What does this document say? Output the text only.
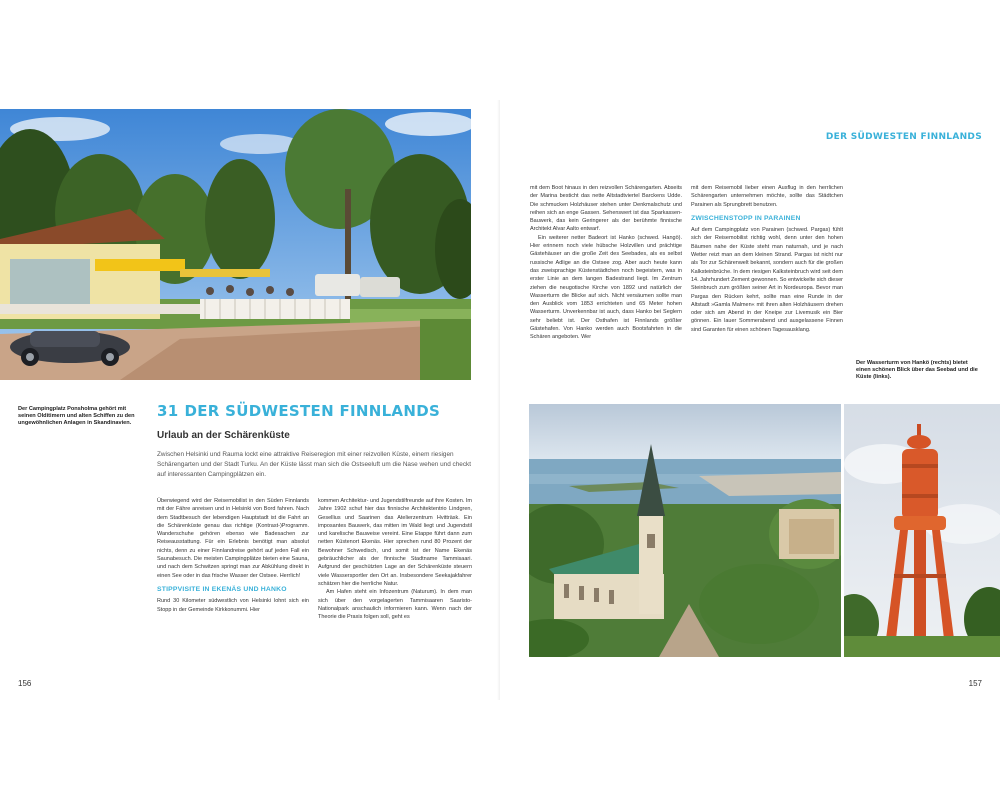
Der Campingplatz Ponsholma gehört mit seinen Olditimern und alten Schiffen zu den ungewöhnlichen Anlagen in Skandinavien.
31 DER SÜDWESTEN FINNLANDS
Urlaub an der Schärenküste
Zwischen Helsinki und Rauma lockt eine attraktive Reiseregion mit einer reizvollen Küste, einem riesigen Schärengarten und der Stadt Turku. An der Küste lässt man sich die Ostseeluft um die Nase wehen und checkt auf interessanten Campingplätzen ein.

Überwiegend wird der Reisemobilist in den Süden Finnlands mit der Fähre anreisen und in Helsinki von Bord fahren. Nach dem Stadtbesuch der lebendigen Hauptstadt ist die Fahrt an die Schärenküste genau das richtige (Kontrast-)Programm. Wanderschuhe gehören ebenso wie Badesachen zur Reiseausstattung. Für ein Erlebnis benötigt man absolut nichts, denn zu einer Finnlandreise gehört auf jeden Fall ein Saunabesuch. Die meisten Campingplätze bieten eine Sauna, und nach dem Schwitzen springt man zur Abkühlung direkt in einen See oder in das frische Wasser der Ostsee. Herrlich!

STIPPVISITE IN EKENÄS UND HANKO

Rund 30 Kilometer südwestlich von Helsinki lohnt sich ein Stopp in der Gemeinde Kirkkonummi. Hier

kommen Architektur- und Jugendstilfreunde auf ihre Kosten. Im Jahre 1902 schuf hier das finnische Architektentrio Lindgren, Gesellius und Saarinen das Atelierzentrum Hvitträsk. Ein imposantes Bauwerk, das mitten im Wald liegt und Jugendstil und karelische Bauweise vereint. Eine Etappe führt dann zum netten Küstenort Ekenäs. Hier sprechen rund 80 Prozent der Bewohner Schwedisch, und somit ist der Name Ekenäs gebräuchlicher als der finnische Stadtname Tammisaari. Aufgrund der geschützten Lage an der Schärenküste steuern viele Wassersportler den Ort an. Insbesondere Seekajakfahrer schätzen hier die herrliche Natur.

Am Hafen steht ein Infozentrum (Naturum). In dem man sich über den vorgelagerten Tammisaaren Saaristo-Nationalpark anschaulich informieren kann. Wenn nach der Theorie die Praxis folgen soll, geht es

156
DER SÜDWESTEN FINNLANDS

mit dem Boot hinaus in den reizvollen Schärengarten. Abseits der Marina besticht das nette Altstadtviertel Barckens Udde. Die schmucken Holzhäuser stehen unter Denkmalschutz und reihen sich an enge Gassen. Sehenswert ist das Sparkassen-Bauwerk, das kein Geringerer als der berühmte finnische Architekt Alvar Aalto entwarf.

Ein weiterer netter Badeort ist Hanko (schwed. Hangö). Hier erinnern noch viele hübsche Holzvillen und prächtige Gästehäuser an die große Zeit des Seebades, als es selbst russische Adlige an die Ostsee zog. Aber auch heute kann das zweisprachige Küstenstädtchen noch begeistern, was in erster Linie an dem langen Badestrand liegt. Im Zentrum ziehen die neugotische Kirche von 1892 und natürlich der Wasserturm die Blicke auf sich. Nicht versäumen sollte man den Ausblick vom 1853 errichteten und 65 Meter hohen Wasserturm. Unverkennbar ist auch, dass Hanko bei Seglern sehr beliebt ist. Der Osthafen ist Finnlands größter Gästehafen. Von Hanko werden auch Bootsfahrten in die Schären angeboten. Wer

mit dem Reisemobil lieber einen Ausflug in den herrlichen Schärengarten unternehmen möchte, sollte das Städtchen Parainen als Sprungbrett benutzen.

ZWISCHENSTOPP IN PARAINEN

Auf dem Campingplatz von Parainen (schwed. Pargas) fühlt sich der Reisemobilist richtig wohl, denn unter den hohen Bäumen nahe der Küste steht man naturnah, und je nach Wetter reizt man an dem kleinen Strand. Pargas ist nicht nur als Tor zur Schärenwelt bekannt, sondern auch für die großen Kalksteinbrüche. In dem riesigen Kalksteinbruch wird seit dem 14. Jahrhundert Zement gewonnen. So entwickelte sich dieser Steinbruch zum größten seiner Art in Nordeuropa. Bevor man Pargas den Rücken kehrt, sollte man eine Runde in der Altstadt »Gamla Malmen« mit ihren alten Holzhäusern drehen oder sich am Abend in der Kneipe zur Livemusik ein Bier gönnen. Ein lauer Sommerabend und ausgelassene Finnen sind Garanten für einen schönen Tagesausklang.

Der Wasserturm von Hankö (rechts) bietet einen schönen Blick über das Seebad und die Küste (links).
157
